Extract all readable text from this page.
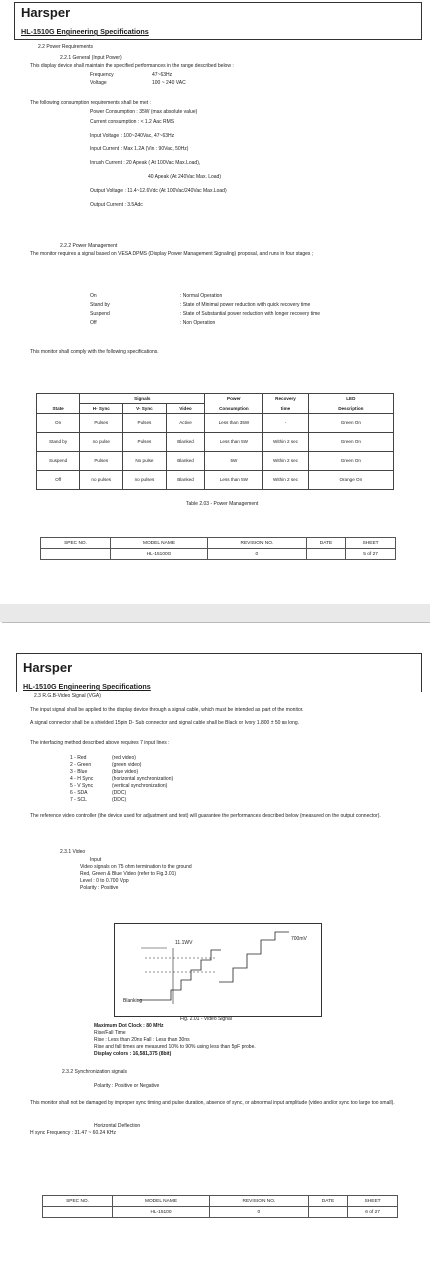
Harsper
HL-1510G Engineering Specifications
2.2 Power Requirements
2.2.1 General (Input Power)
This display device shall maintain the specified performances in the range described below :
Frequency	47~63Hz
Voltage	100 ~ 240 VAC
The following consumption requirements shall be met :
Power Consumption : 35W (max absolute value)
Current consumption : < 1.2 Aac RMS
Input Voltage : 100~240Vac, 47~63Hz
Input Current : Max 1.2A (Vin : 90Vac, 50Hz)
Inrush Current : 20 Apeak ( At 100Vac Max.Load),
40 Apeak (At 240Vac Max. Load)
Output Voltage : 11.4~12.6Vdc (At 100Vac/240Vac Max.Load)
Output Current : 3.5Adc
2.2.2 Power Management
The monitor requires a signal based on VESA DPMS (Display Power Management Signaling) proposal, and runs in four stages ;
On	: Normal Operation
Stand by	: State of Minimal power reduction with quick recovery time
Suspend	: State of Substantial power reduction with longer recovery time
Off	: Non Operation
This monitor shall comply with the following specifications.
	Signals			Power	Recovery	LED
State	H- Sync	V- Sync	Video	Consumption	time	Description
On	Pulses	Pulses	Active	Less than 35W	-	Green On
Stand by	no pulse	Pulses	Blanked	Less than 5W	Within 2 sec	Green On
Suspend	Pulses	No pulse	Blanked	5W	Within 2 sec	Green On
Off	no pulses	no pulses	Blanked	Less than 5W	Within 2 sec	Orange On
Table 2.03 - Power Management
SPEC NO.	MODEL NAME	REVISION NO.	DATE	SHEET
	HL-15100G	0		5 of 27
Harsper
HL-1510G Engineering Specifications
2.3 R.G.B-Video Signal (VGA)
The input signal shall be applied to the display device through a signal cable, which must be intended as part of the monitor.
A signal connector shall be a shielded 15pin D- Sub connector and signal cable shall be Black or Ivory 1.800 ± 50 ㎜ long.
The interfacing method described above requires 7 input lines :
1 - Red	(red video)
2 - Green	(green video)
3 - Blue	(blue video)
4 - H Sync	(horizontal synchronization)
5 - V Sync	(vertical synchronization)
6 - SDA	(DDC)
7 - SCL	(DDC)
The reference video controller (the device used for adjustment and test) will guarantee the performances described below (measured on the output connector).
2.3.1 Video
Input
Video signals on 75 ohm termination to the ground
Red, Green & Blue Video (refer to Fig.3.01)
Level : 0 to 0.700 Vpp
Polarity : Positive
11.1WV
700mV
Blanking
Fig. 2.01 - Video Signal
Maximum Dot Clock : 80 MHz
Rise/Fall Time
Rise : Less than 20ns Fall : Less than 30ns
Rise and fall times are measured 10% to 90% using less than 5pF probe.
Display colors : 16,581,375 (8bit)
2.3.2 Synchronization signals
Polarity : Positive or Negative
This monitor shall not be damaged by improper sync timing and pulse duration, absence of sync, or abnormal input amplitude (video and/or sync too large too small).
Horizontal Deflection
H sync Frequency : 31.47 ~ 60.24 KHz
SPEC NO.	MODEL NAME	REVISION NO.	DATE	SHEET
	HL-15100	0		6 of 27
